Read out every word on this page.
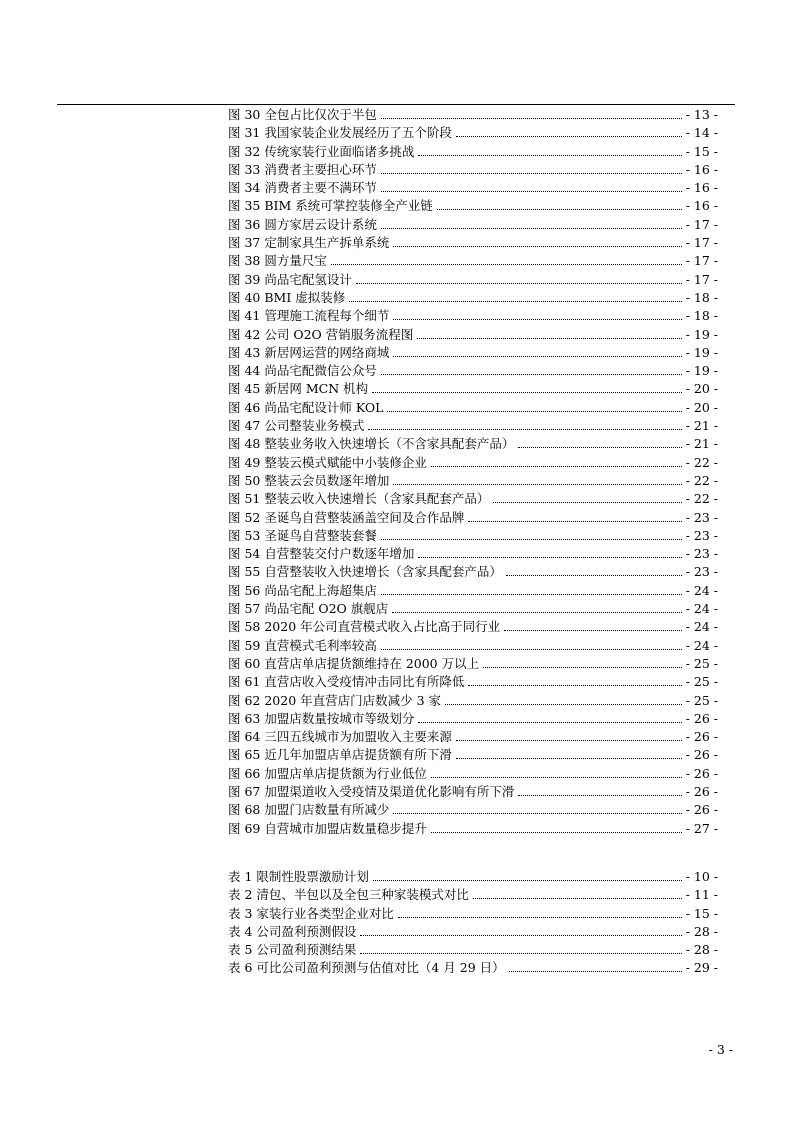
图 30 全包占比仅次于半包	- 13 -
图 31 我国家装企业发展经历了五个阶段	- 14 -
图 32 传统家装行业面临诸多挑战	- 15 -
图 33 消费者主要担心环节	- 16 -
图 34 消费者主要不满环节	- 16 -
图 35 BIM 系统可掌控装修全产业链	- 16 -
图 36 圆方家居云设计系统	- 17 -
图 37 定制家具生产拆单系统	- 17 -
图 38 圆方量尺宝	- 17 -
图 39 尚品宅配氢设计	- 17 -
图 40 BMI 虚拟装修	- 18 -
图 41 管理施工流程每个细节	- 18 -
图 42 公司 O2O 营销服务流程图	- 19 -
图 43 新居网运营的网络商城	- 19 -
图 44 尚品宅配微信公众号	- 19 -
图 45 新居网 MCN 机构	- 20 -
图 46 尚品宅配设计师 KOL	- 20 -
图 47 公司整装业务模式	- 21 -
图 48 整装业务收入快速增长（不含家具配套产品）	- 21 -
图 49 整装云模式赋能中小装修企业	- 22 -
图 50 整装云会员数逐年增加	- 22 -
图 51 整装云收入快速增长（含家具配套产品）	- 22 -
图 52 圣诞鸟自营整装涵盖空间及合作品牌	- 23 -
图 53 圣诞鸟自营整装套餐	- 23 -
图 54 自营整装交付户数逐年增加	- 23 -
图 55 自营整装收入快速增长（含家具配套产品）	- 23 -
图 56 尚品宅配上海超集店	- 24 -
图 57 尚品宅配 O2O 旗舰店	- 24 -
图 58 2020 年公司直营模式收入占比高于同行业	- 24 -
图 59 直营模式毛利率较高	- 24 -
图 60 直营店单店提货额维持在 2000 万以上	- 25 -
图 61 直营店收入受疫情冲击同比有所降低	- 25 -
图 62 2020 年直营店门店数减少 3 家	- 25 -
图 63 加盟店数量按城市等级划分	- 26 -
图 64 三四五线城市为加盟收入主要来源	- 26 -
图 65 近几年加盟店单店提货额有所下滑	- 26 -
图 66 加盟店单店提货额为行业低位	- 26 -
图 67 加盟渠道收入受疫情及渠道优化影响有所下滑	- 26 -
图 68 加盟门店数量有所减少	- 26 -
图 69 自营城市加盟店数量稳步提升	- 27 -
表 1 限制性股票激励计划	- 10 -
表 2 清包、半包以及全包三种家装模式对比	- 11 -
表 3 家装行业各类型企业对比	- 15 -
表 4 公司盈利预测假设	- 28 -
表 5 公司盈利预测结果	- 28 -
表 6 可比公司盈利预测与估值对比（4 月 29 日）	- 29 -
- 3 -
